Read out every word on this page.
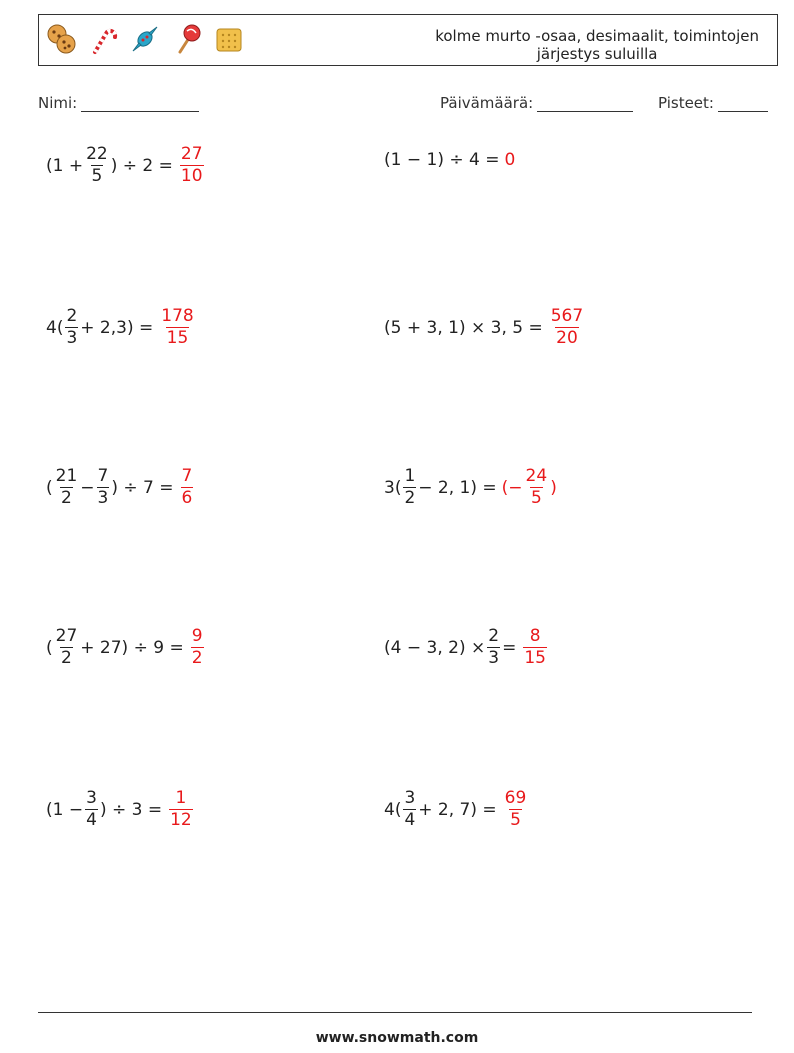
kolme murto -osaa, desimaalit, toimintojen
järjestys suluilla
Nimi:	Päivämäärä:	Pisteet:
($1 + \frac{22}{5}$ ) ÷ $2 = \frac{27}{10}$	(1 − 1) ÷ 4 = 0
$4( \frac{2}{3} + 2,3) = \frac{178}{15}$	(5 + 3, 1) × 3, $5 = \frac{567}{20}$
( $\frac{21}{2} - \frac{7}{3}$ ) ÷ $7 = \frac{7}{6}$	$3( \frac{1}{2} - 2$, 1) = (− $\frac{24}{5}$ )
( $\frac{27}{2} + 27) \div 9 = \frac{9}{2}$	(4 − 3, $2) \times \frac{2}{3} = \frac{8}{15}$
($1 - \frac{3}{4}$ ) ÷ $3 = \frac{1}{12}$	$4( \frac{3}{4} + 2$, $7) = \frac{69}{5}$
www.snowmath.com
